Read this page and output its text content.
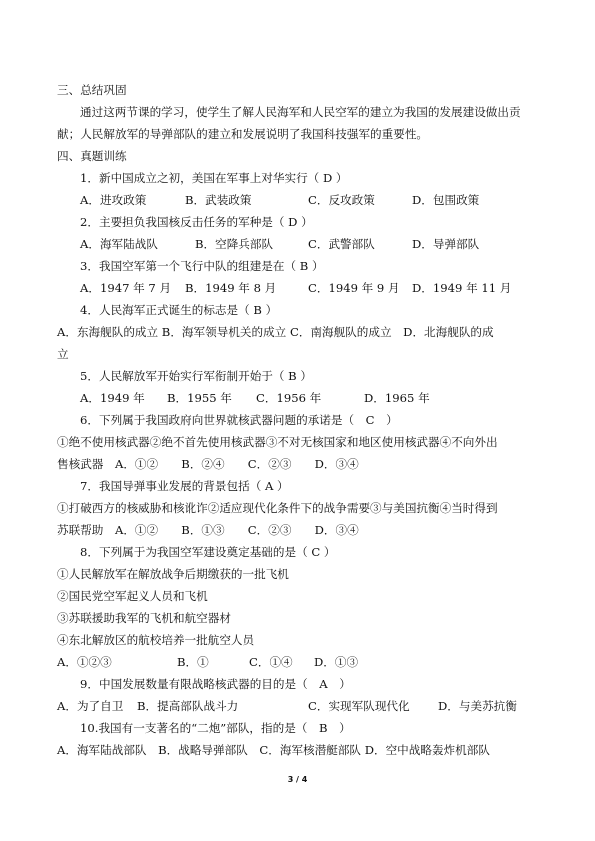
三、总结巩固
通过这两节课的学习，使学生了解人民海军和人民空军的建立为我国的发展建设做出贡
献；人民解放军的导弹部队的建立和发展说明了我国科技强军的重要性。
四、真题训练
1．新中国成立之初，美国在军事上对华实行（ D ）
A．进攻政策	B．武装政策	C．反攻政策	D．包围政策
2．主要担负我国核反击任务的军种是（ D ）
A．海军陆战队	B．空降兵部队	C．武警部队	D．导弹部队
3．我国空军第一个飞行中队的组建是在（ B ）
A．1947 年 7 月 B．1949 年 8 月	C．1949 年 9 月 D．1949 年 11 月
4．人民海军正式诞生的标志是（ B ）
A．东海舰队的成立 B．海军领导机关的成立 C．南海舰队的成立　D．北海舰队的成
立
5．人民解放军开始实行军衔制开始于（ B ）
A．1949 年 B．1955 年 C．1956 年	D．1965 年
6．下列属于我国政府向世界就核武器问题的承诺是（　C　）
①绝不使用核武器②绝不首先使用核武器③不对无核国家和地区使用核武器④不向外出
售核武器　A．①②　　B．②④　　C．②③　　D．③④
7．我国导弹事业发展的背景包括（ A ）
①打破西方的核威胁和核讹诈②适应现代化条件下的战争需要③与美国抗衡④当时得到
苏联帮助　A．①②　　B．①③　　C．②③　　D．③④
8．下列属于为我国空军建设奠定基础的是（ C ）
①人民解放军在解放战争后期缴获的一批飞机
②国民党空军起义人员和飞机
③苏联援助我军的飞机和航空器材
④东北解放区的航校培养一批航空人员
A．①②③	B．①	C．①④ D．①③
9．中国发展数量有限战略核武器的目的是（　A　）
A．为了自卫 B．提高部队战斗力	C．实现军队现代化 D．与美苏抗衡
10.我国有一支著名的“二炮”部队，指的是（　B　）
A．海军陆战部队　B．战略导弹部队　C．海军核潜艇部队 D．空中战略轰炸机部队
3 / 4
